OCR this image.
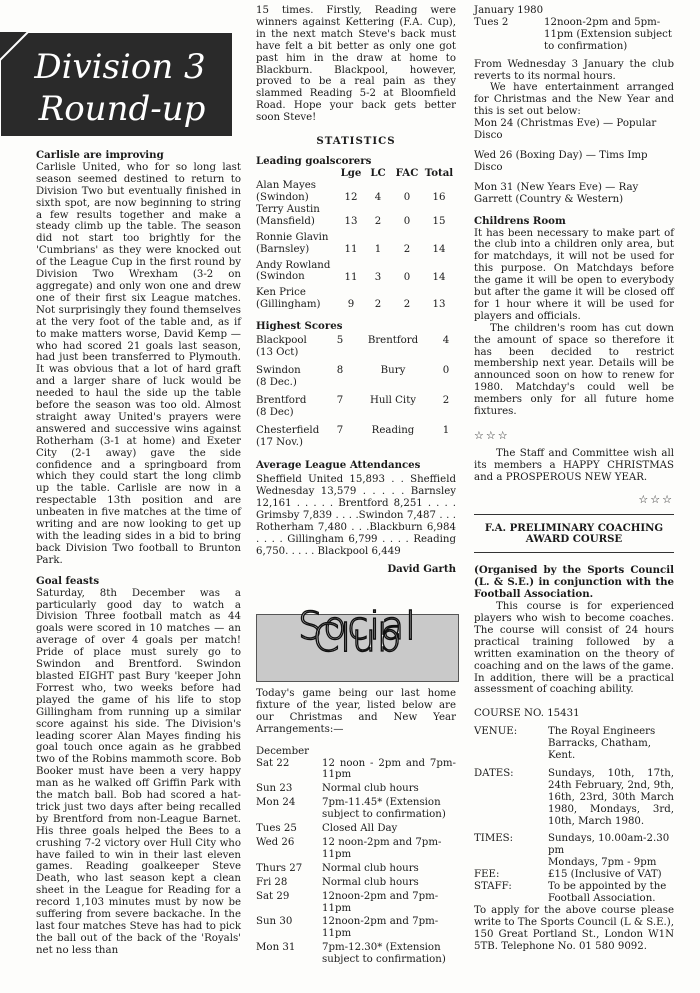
Division 3
Round-up

Carlisle are improving

Carlisle United, who for so long last season seemed destined to return to Division Two but eventually finished in sixth spot, are now beginning to string a few results together and make a steady climb up the table. The season did not start too brightly for the 'Cumbrians' as they were knocked out of the League Cup in the first round by Division Two Wrexham (3-2 on aggregate) and only won one and drew one of their first six League matches. Not surprisingly they found themselves at the very foot of the table and, as if to make matters worse, David Kemp — who had scored 21 goals last season, had just been transferred to Plymouth. It was obvious that a lot of hard graft and a larger share of luck would be needed to haul the side up the table before the season was too old. Almost straight away United's prayers were answered and successive wins against Rotherham (3-1 at home) and Exeter City (2-1 away) gave the side confidence and a springboard from which they could start the long climb up the table. Carlisle are now in a respectable 13th position and are unbeaten in five matches at the time of writing and are now looking to get up with the leading sides in a bid to bring back Division Two football to Brunton Park.

Goal feasts

Saturday, 8th December was a particularly good day to watch a Division Three football match as 44 goals were scored in 10 matches — an average of over 4 goals per match! Pride of place must surely go to Swindon and Brentford. Swindon blasted EIGHT past Bury 'keeper John Forrest who, two weeks before had played the game of his life to stop Gillingham from running up a similar score against his side. The Division's leading scorer Alan Mayes finding his goal touch once again as he grabbed two of the Robins mammoth score. Bob Booker must have been a very happy man as he walked off Griffin Park with the match ball. Bob had scored a hat-trick just two days after being recalled by Brentford from non-League Barnet. His three goals helped the Bees to a crushing 7-2 victory over Hull City who have failed to win in their last eleven games. Reading goalkeeper Steve Death, who last season kept a clean sheet in the League for Reading for a record 1,103 minutes must by now be suffering from severe backache. In the last four matches Steve has had to pick the ball out of the back of the 'Royals' net no less than

15 times. Firstly, Reading were winners against Kettering (F.A. Cup), in the next match Steve's back must have felt a bit better as only one got past him in the draw at home to Blackburn. Blackpool, however, proved to be a real pain as they slammed Reading 5-2 at Bloomfield Road. Hope your back gets better soon Steve!

STATISTICS

Leading goalscorers

	Lge	LC	FAC	Total

Alan Mayes
(Swindon)	12	4	0	16

Terry Austin
(Mansfield)	13	2	0	15

Ronnie Glavin
(Barnsley)	11	1	2	14

Andy Rowland
(Swindon	11	3	0	14

Ken Price
(Gillingham)	9	2	2	13

Highest Scores

Blackpool
(13 Oct)	5	Brentford	4

Swindon
(8 Dec.)	8	Bury	0

Brentford
(8 Dec)	7	Hull City	2

Chesterfield
(17 Nov.)	7	Reading	1

Average League Attendances

Sheffield United 15,893 . . Sheffield Wednesday 13,579 . . . . . Barnsley 12,161 . . . . . Brentford 8,251 . . . . Grimsby 7,839 . . . .Swindon 7,487 . . . Rotherham 7,480 . . .Blackburn 6,984 . . . . Gillingham 6,799 . . . . Reading 6,750. . . . . Blackpool 6,449

David Garth

Social Club

Today's game being our last home fixture of the year, listed below are our Christmas and New Year Arrangements:—

December

Sat 22	12 noon - 2pm and 7pm-11pm
Sun 23	Normal club hours
Mon 24	7pm-11.45* (Extension subject to confirmation)
Tues 25	Closed All Day
Wed 26	12 noon-2pm and 7pm-11pm
Thurs 27	Normal club hours
Fri 28	Normal club hours
Sat 29	12noon-2pm and 7pm-11pm
Sun 30	12noon-2pm and 7pm-11pm
Mon 31	7pm-12.30* (Extension subject to confirmation)

January 1980

Tues 2	12noon-2pm and 5pm-11pm (Extension subject to confirmation)

From Wednesday 3 January the club reverts to its normal hours.

We have entertainment arranged for Christmas and the New Year and this is set out below:

Mon 24 (Christmas Eve) — Popular Disco

Wed 26 (Boxing Day) — Tims Imp Disco

Mon 31 (New Years Eve) — Ray Garrett (Country & Western)

Childrens Room

It has been necessary to make part of the club into a children only area, but for matchdays, it will not be used for this purpose. On Matchdays before the game it will be open to everybody but after the game it will be closed off for 1 hour where it will be used for players and officials.

The children's room has cut down the amount of space so therefore it has been decided to restrict membership next year. Details will be announced soon on how to renew for 1980. Matchday's could well be members only for all future home fixtures.

☆☆☆

The Staff and Committee wish all its members a HAPPY CHRISTMAS and a PROSPEROUS NEW YEAR.

☆☆☆

F.A. PRELIMINARY COACHING AWARD COURSE

(Organised by the Sports Council (L. & S.E.) in conjunction with the Football Association.

This course is for experienced players who wish to become coaches. The course will consist of 24 hours practical training followed by a written examination on the theory of coaching and on the laws of the game. In addition, there will be a practical assessment of coaching ability.

COURSE NO. 15431

VENUE:	The Royal Engineers Barracks, Chatham, Kent.
DATES:	Sundays, 10th, 17th, 24th February, 2nd, 9th, 16th, 23rd, 30th March 1980, Mondays, 3rd, 10th, March 1980.
TIMES:	Sundays, 10.00am-2.30 pm
	Mondays, 7pm - 9pm
FEE:	£15 (Inclusive of VAT)
STAFF:	To be appointed by the Football Association.

To apply for the above course please write to The Sports Council (L & S.E.), 150 Great Portland St., London W1N 5TB. Telephone No. 01 580 9092.
